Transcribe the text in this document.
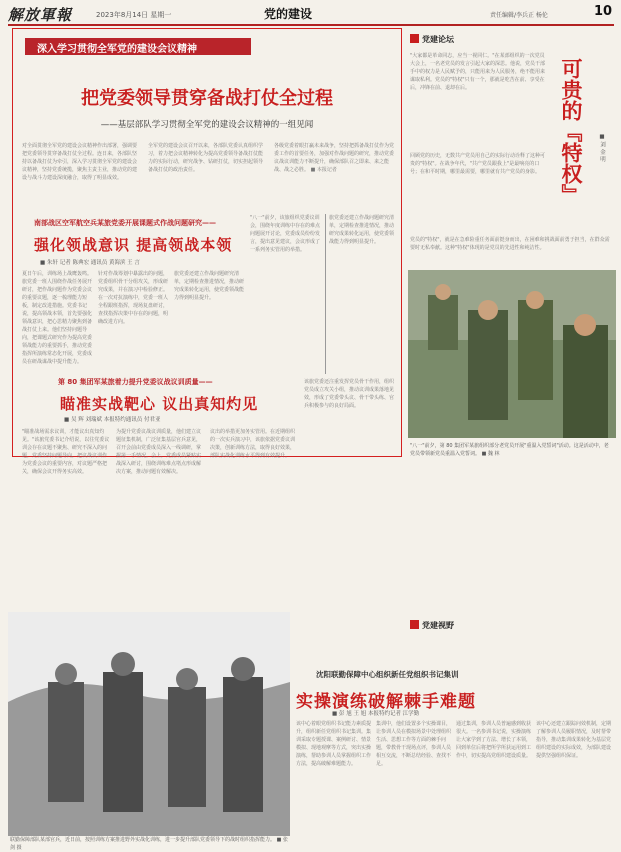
解放軍報	2023年8月14日 星期一	党的建设	责任编辑/李兵正 杨伦	10
深入学习贯彻全军党的建设会议精神
把党委领导贯穿备战打仗全过程
——基层部队学习贯彻全军党的建设会议精神的一组见闻
对全面贯彻全军党的建设会议精神作出部署，强调要把党委领导贯穿备战打仗全过程。连日来，各部队坚持以备战打仗为牵引，深入学习贯彻全军党的建设会议精神，坚持党委统揽，聚焦主责主业，推动党的建设与战斗力建设深度融合，取得了明显成效。
全军党的建设会议召开以来，各部队党委认真组织学习，着力把会议精神转化为提高党委领导备战打仗能力的实际行动，研究战争、钻研打仗，切实担起领导备战打仗的政治责任。
各级党委着眼打赢未来战争，坚持把抓备战打仗作为党委工作的首要任务，加强对作战问题的研究，推动党委议战议训能力不断提升，确保部队召之即来、来之能战、战之必胜。 ■ 本报记者
南部战区空军航空兵某旅党委开展课题式作战问题研究——
强化领战意识 提高领战本领
■ 朱轩 记者 陈典宏 通讯员 黄海滨 王 言
夏日午后，训练场上战鹰轰鸣。旅党委一班人围绕作战任务展开研讨，把作战问题作为党委会议的重要议题，逐一梳理能力短板，制定改进措施。党委书记说，提高领战本领，首先要强化领战意识，把心思精力聚焦到备战打仗上来。他们坚持问题导向，把课题式研究作为提高党委领战能力的重要抓手，推动党委指挥所演练常态化开展，党委成员在研战谋战中提升能力。
针对作战筹划中暴露出的问题，党委组织骨干分组攻关，形成研究成果，并在演习中检验修正。在一次对抗演练中，党委一班人全程跟班指挥，现场复盘研讨，查找指挥决策中存在的问题，明确改进方向。
旅党委还建立作战问题研究清单，定期检查推进情况，推动研究成果转化运用，使党委领战能力得到明显提升。
"八一"前夕，该旅组织党委议训会，围绕年度训练中存在的难点问题展开讨论，党委成员纷纷发言，提出意见建议，会议形成了一系列务实管用的举措。
旅党委还建立作战问题研究清单，定期检查推进情况，推动研究成果转化运用，使党委领战能力得到明显提升。
第 80 集团军某旅着力提升党委议战议训质量——
瞄准实战靶心 议出真知灼见
■ 吴 辉 刘瑞斌 本报特约通讯员 付君亚
"瞄准战场需求议训，才能议出真知灼见。"该旅党委书记介绍说，以往党委议训会存在议题不聚焦、研究不深入的问题，党委坚持问题导向，把议战议训作为党委会议的重要内容，对议题严格把关，确保会议开得务实高效。
为提升党委议战议训质量，他们建立议题征集机制，广泛征集基层官兵意见，召开会前由党委成员深入一线调研，掌握第一手情况。会上，党委成员紧贴实战深入研讨，围绕训练难点堵点形成解决方案，推动问题有效解决。
议出的举措更加务实管用。在近期组织的一次实兵演习中，该旅依据党委议训决策，创新训练方法，取得良好效果，部队实战化训练水平得到有效提升。
该旅党委还注重发挥党员骨干作用，组织党员成立攻关小组，推动议训成果落地见效，形成了党委带头议、骨干带头练、官兵积极参与的良好局面。
党建论坛
"大家都是革命同志，应当一视同仁。"在某部组织的一次党员大会上，一名老党员的发言引起大家的深思。他说，党员干部手中的权力是人民赋予的，只能用来为人民服务，绝不能用来谋取私利。党员的"特权"只有一个，那就是吃苦在前、享受在后，冲锋在前、退却在后。	可贵的『特权』	■ 刘 金 明
回顾党的历史，无数共产党员用自己的实际行动诠释了这种可贵的"特权"。在战争年代，"共产党员跟我上"是最响亮的口号；在和平时期，哪里最需要，哪里就有共产党员的身影。
党员的"特权"，就是在急难险重任务面前挺身而出，在困难和挑战面前勇于担当，在群众需要时无私奉献。这种"特权"体现的是党员的先进性和纯洁性。
"八一"前夕，第 80 集团军某旅组织部分老党员开展"重温入党誓词"活动。这是活动中，老党员带领新党员重温入党誓词。 ■ 魏 林
联勤保障部队某部官兵，近日前，按照训练方案推进野外实战化训练，进一步提升部队党委领导下的战时组织指挥能力。 ■ 张剑 摄
党建视野
沈阳联勤保障中心组织新任党组织书记集训
实操演练破解棘手难题
■ 彭 旭 王 旭 本报特约记者 江学勤
该中心着眼党组织书记能力素质提升，组织新任党组织书记集训。集训采取专题授课、案例研讨、情景模拟、现地观摩等方式，突出实操演练，帮助参训人员掌握组织工作方法，提高破解难题能力。
集训中，他们设置多个实操课目，让参训人员在模拟场景中处理组织生活、思想工作等方面的棘手问题，带教骨干现场点评，参训人员相互交流，不断总结经验、查找不足。
通过集训，参训人员普遍感到收获很大。一名参训书记说，实操演练让大家学到了方法、增长了本领，回到单位后将把所学所获运用到工作中，切实提高党组织建设质量。
该中心还建立跟踪问效机制，定期了解参训人员履职情况，及时帮带指导，推动集训成果转化为基层党组织建设的实际成效，为部队建设提供坚强组织保证。
